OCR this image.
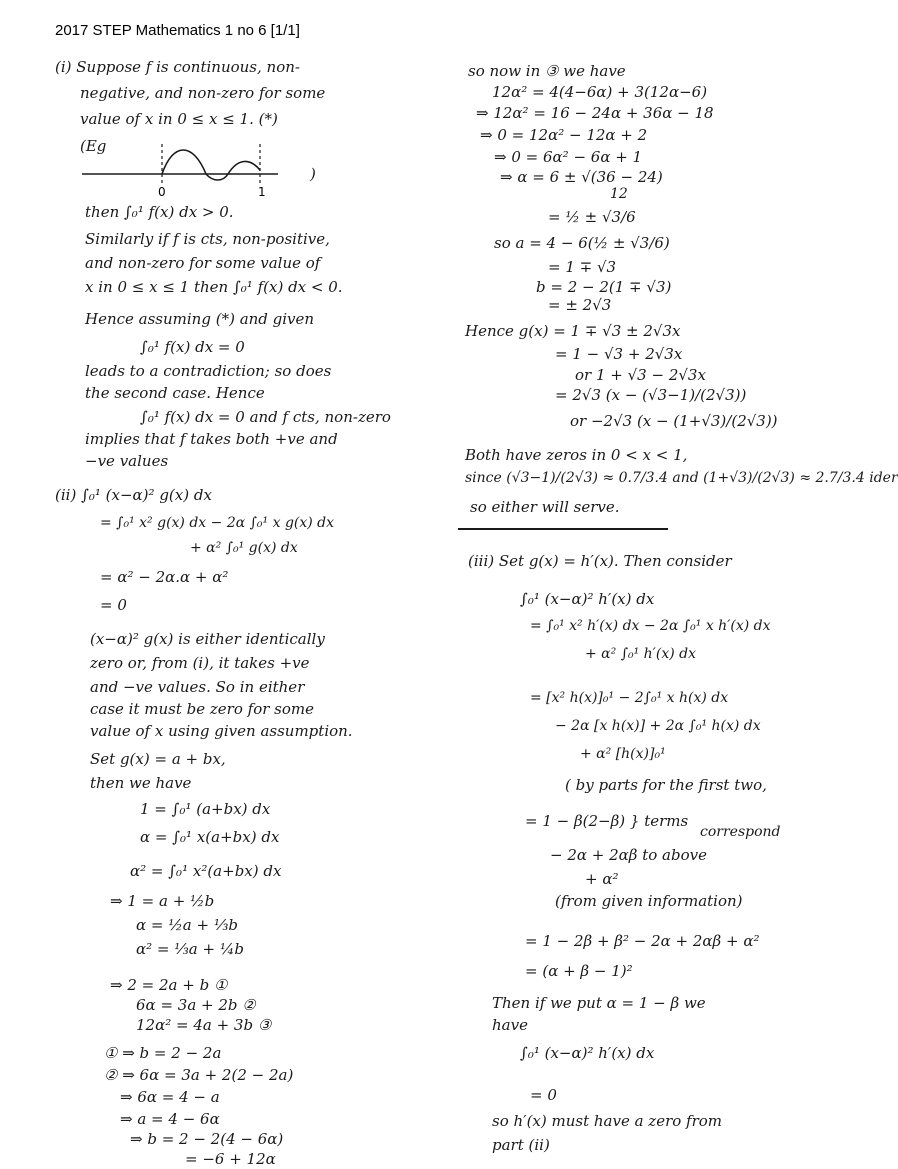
2017 STEP Mathematics 1 no 6 [1/1]
(i) Suppose f is continuous, non-
negative, and non-zero for some
value of x in 0 ≤ x ≤ 1. (*)
(Eg
0	1
)
then ∫₀¹ f(x) dx > 0.
Similarly if f is cts, non-positive,
and non-zero for some value of
x in 0 ≤ x ≤ 1 then ∫₀¹ f(x) dx < 0.
Hence assuming (*) and given
∫₀¹ f(x) dx = 0
leads to a contradiction; so does
the second case. Hence
∫₀¹ f(x) dx = 0 and f cts, non-zero
implies that f takes both +ve and
−ve values
(ii) ∫₀¹ (x−α)² g(x) dx
= ∫₀¹ x² g(x) dx − 2α ∫₀¹ x g(x) dx
+ α² ∫₀¹ g(x) dx
= α² − 2α.α + α²
= 0
(x−α)² g(x) is either identically
zero or, from (i), it takes +ve
and −ve values. So in either
case it must be zero for some
value of x using given assumption.
Set g(x) = a + bx,
then we have
1 = ∫₀¹ (a+bx) dx
α = ∫₀¹ x(a+bx) dx
α² = ∫₀¹ x²(a+bx) dx
⇒ 1 = a + ½b
α = ½a + ⅓b
α² = ⅓a + ¼b
⇒ 2 = 2a + b ①
6α = 3a + 2b ②
12α² = 4a + 3b ③
① ⇒ b = 2 − 2a
② ⇒ 6α = 3a + 2(2 − 2a)
⇒ 6α = 4 − a
⇒ a = 4 − 6α
⇒ b = 2 − 2(4 − 6α)
= −6 + 12α
so now in ③ we have
12α² = 4(4−6α) + 3(12α−6)
⇒ 12α² = 16 − 24α + 36α − 18
⇒ 0 = 12α² − 12α + 2
⇒ 0 = 6α² − 6α + 1
⇒ α = 6 ± √(36 − 24)
12
= ½ ± √3/6
so a = 4 − 6(½ ± √3/6)
= 1 ∓ √3
b = 2 − 2(1 ∓ √3)
= ± 2√3
Hence g(x) = 1 ∓ √3 ± 2√3x
= 1 − √3 + 2√3x
or 1 + √3 − 2√3x
= 2√3 (x − (√3−1)/(2√3))
or −2√3 (x − (1+√3)/(2√3))
Both have zeros in 0 < x < 1,
since (√3−1)/(2√3) ≈ 0.7/3.4 and (1+√3)/(2√3) ≈ 2.7/3.4 ider
so either will serve.
(iii) Set g(x) = h′(x). Then consider
∫₀¹ (x−α)² h′(x) dx
= ∫₀¹ x² h′(x) dx − 2α ∫₀¹ x h′(x) dx
+ α² ∫₀¹ h′(x) dx
= [x² h(x)]₀¹ − 2∫₀¹ x h(x) dx
− 2α [x h(x)] + 2α ∫₀¹ h(x) dx
+ α² [h(x)]₀¹
( by parts for the first two,
= 1 − β(2−β) } terms
correspond
− 2α + 2αβ to above
+ α²
(from given information)
= 1 − 2β + β² − 2α + 2αβ + α²
= (α + β − 1)²
Then if we put α = 1 − β we
have
∫₀¹ (x−α)² h′(x) dx
= 0
so h′(x) must have a zero from
part (ii)
